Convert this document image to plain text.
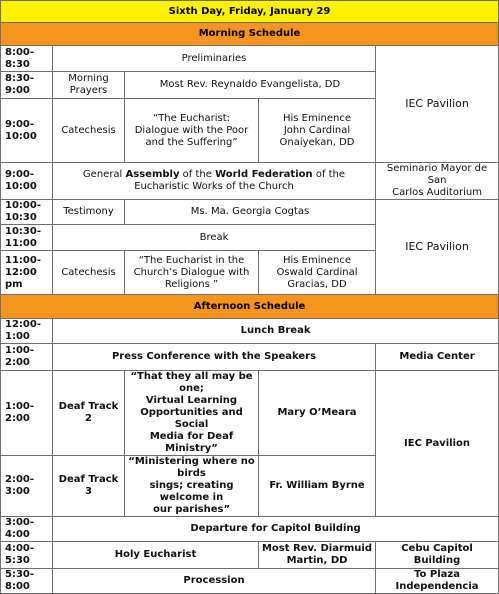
Sixth Day, Friday, January 29				
Morning Schedule				
8:00-
8:30	Preliminaries			IEC Pavilion
8:30-
9:00	Morning
Prayers	Most Rev. Reynaldo Evangelista, DD		
9:00-
10:00	Catechesis	“The Eucharist:
Dialogue with the Poor
and the Suffering”	His Eminence
John Cardinal
Onaiyekan, DD	
9:00-
10:00	General Assembly of the World Federation of the
Eucharistic Works of the Church			Seminario Mayor de San
Carlos Auditorium
10:00-
10:30	Testimony	Ms. Ma. Georgia Cogtas		IEC Pavilion
10:30-
11:00	Break			
11:00-
12:00
pm	Catechesis	“The Eucharist in the
Church’s Dialogue with
Religions ”	His Eminence
Oswald Cardinal
Gracias, DD	
Afternoon Schedule				
12:00-
1:00	Lunch Break			
1:00-
2:00	Press Conference with the Speakers			Media Center
1:00-
2:00	Deaf Track 2	“That they all may be one;
Virtual Learning
Opportunities and Social
Media for Deaf Ministry”	Mary O’Meara	IEC Pavilion
2:00-
3:00	Deaf Track 3	“Ministering where no birds
sings; creating welcome in
our parishes”	Fr. William Byrne	
3:00-
4:00	Departure for Capitol Building			
4:00-
5:30	Holy Eucharist		Most Rev. Diarmuid
Martin, DD	Cebu Capitol Building
5:30-
8:00	Procession			To Plaza
Independencia
